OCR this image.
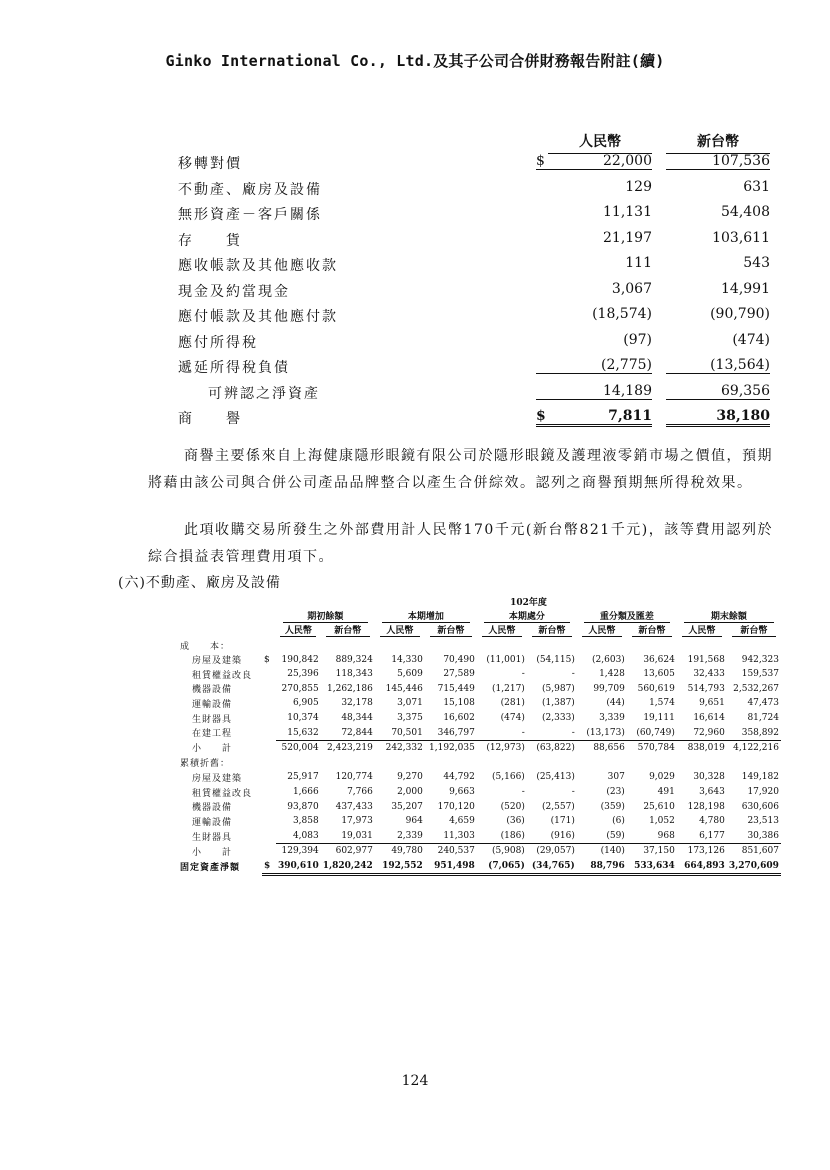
Ginko International Co., Ltd.及其子公司合併財務報告附註(續)
人民幣	新台幣
移轉對價	$	22,000	107,536
不動產、廠房及設備	129	631
無形資產－客戶關係	11,131	54,408
存　　貨	21,197	103,611
應收帳款及其他應收款	111	543
現金及約當現金	3,067	14,991
應付帳款及其他應付款	(18,574)	(90,790)
應付所得稅	(97)	(474)
遞延所得稅負債	(2,775)	(13,564)
可辨認之淨資產	14,189	69,356
商　　譽	$	7,811	38,180
商譽主要係來自上海健康隱形眼鏡有限公司於隱形眼鏡及護理液零銷市場之價值，預期將藉由該公司與合併公司產品品牌整合以產生合併綜效。認列之商譽預期無所得稅效果。
此項收購交易所發生之外部費用計人民幣170千元(新台幣821千元)，該等費用認列於綜合損益表管理費用項下。
(六)不動產、廠房及設備
		102年度									
		期初餘額		本期增加		本期處分		重分類及匯差		期末餘額	
		人民幣	新台幣	人民幣	新台幣	人民幣	新台幣	人民幣	新台幣	人民幣	新台幣
成　　本：											
房屋及建築	$	190,842	889,324	14,330	70,490	(11,001)	(54,115)	(2,603)	36,624	191,568	942,323
租賃權益改良		25,396	118,343	5,609	27,589	-	-	1,428	13,605	32,433	159,537
機器設備		270,855	1,262,186	145,446	715,449	(1,217)	(5,987)	99,709	560,619	514,793	2,532,267
運輸設備		6,905	32,178	3,071	15,108	(281)	(1,387)	(44)	1,574	9,651	47,473
生財器具		10,374	48,344	3,375	16,602	(474)	(2,333)	3,339	19,111	16,614	81,724
在建工程		15,632	72,844	70,501	346,797	-	-	(13,173)	(60,749)	72,960	358,892
小　　計		520,004	2,423,219	242,332	1,192,035	(12,973)	(63,822)	88,656	570,784	838,019	4,122,216
累積折舊：											
房屋及建築		25,917	120,774	9,270	44,792	(5,166)	(25,413)	307	9,029	30,328	149,182
租賃權益改良		1,666	7,766	2,000	9,663	-	-	(23)	491	3,643	17,920
機器設備		93,870	437,433	35,207	170,120	(520)	(2,557)	(359)	25,610	128,198	630,606
運輸設備		3,858	17,973	964	4,659	(36)	(171)	(6)	1,052	4,780	23,513
生財器具		4,083	19,031	2,339	11,303	(186)	(916)	(59)	968	6,177	30,386
小　　計		129,394	602,977	49,780	240,537	(5,908)	(29,057)	(140)	37,150	173,126	851,607
固定資產淨額	$	390,610	1,820,242	192,552	951,498	(7,065)	(34,765)	88,796	533,634	664,893	3,270,609
124
